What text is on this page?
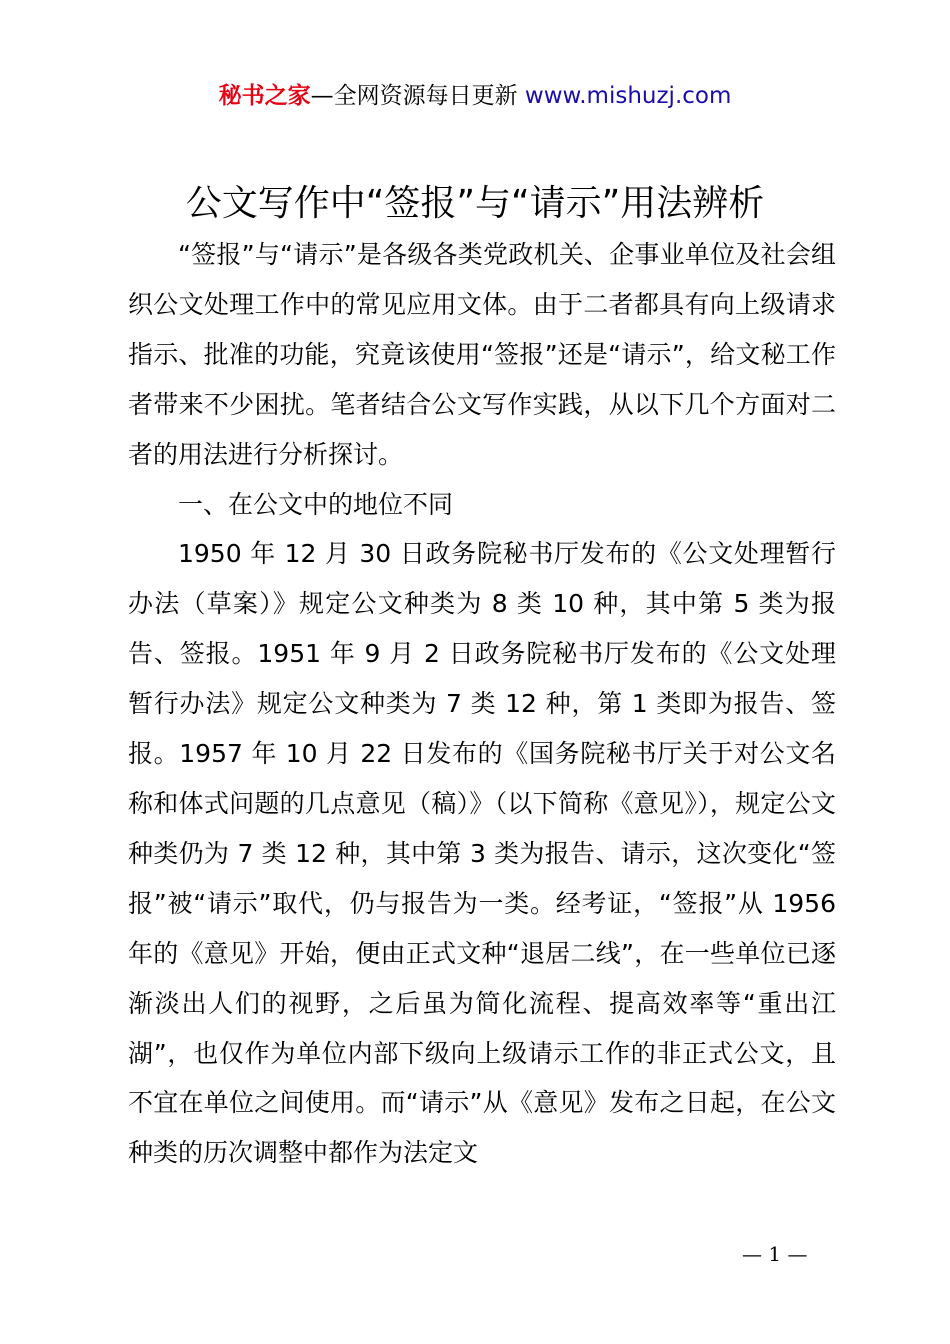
秘书之家—全网资源每日更新 www.mishuzj.com
公文写作中“签报”与“请示”用法辨析

“签报”与“请示”是各级各类党政机关、企事业单位及社会组织公文处理工作中的常见应用文体。由于二者都具有向上级请求指示、批准的功能，究竟该使用“签报”还是“请示”，给文秘工作者带来不少困扰。笔者结合公文写作实践，从以下几个方面对二者的用法进行分析探讨。

一、在公文中的地位不同

1950 年 12 月 30 日政务院秘书厅发布的《公文处理暂行办法（草案）》规定公文种类为 8 类 10 种，其中第 5 类为报告、签报。1951 年 9 月 2 日政务院秘书厅发布的《公文处理暂行办法》规定公文种类为 7 类 12 种，第 1 类即为报告、签报。1957 年 10 月 22 日发布的《国务院秘书厅关于对公文名称和体式问题的几点意见（稿）》（以下简称《意见》），规定公文种类仍为 7 类 12 种，其中第 3 类为报告、请示，这次变化“签报”被“请示”取代，仍与报告为一类。经考证，“签报”从 1956 年的《意见》开始，便由正式文种“退居二线”，在一些单位已逐渐淡出人们的视野，之后虽为简化流程、提高效率等“重出江湖”，也仅作为单位内部下级向上级请示工作的非正式公文，且不宜在单位之间使用。而“请示”从《意见》发布之日起，在公文种类的历次调整中都作为法定文

— 1 —
